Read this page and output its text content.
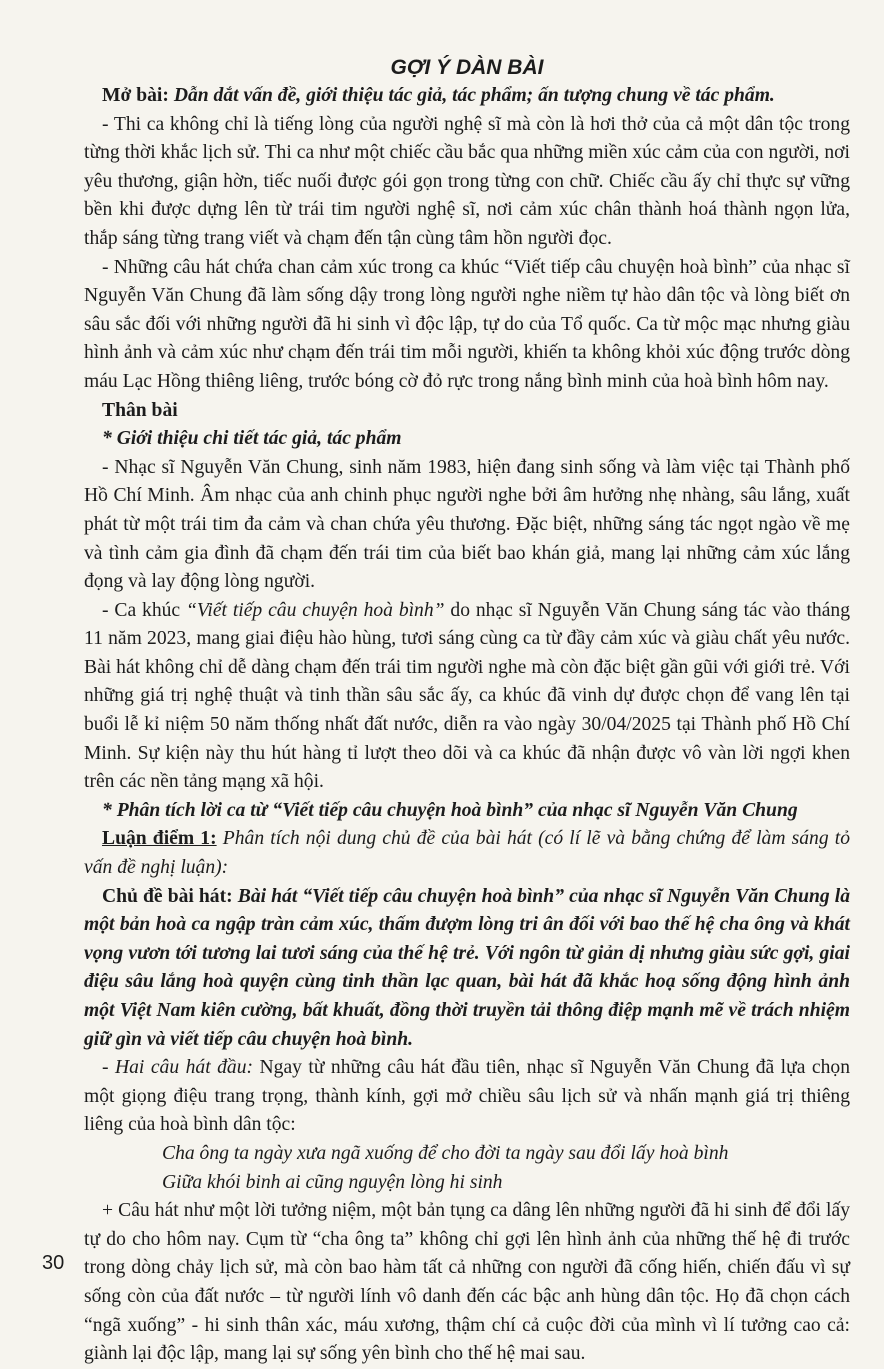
GỢI Ý DÀN BÀI

Mở bài: Dẫn dắt vấn đề, giới thiệu tác giả, tác phẩm; ấn tượng chung về tác phẩm.

- Thi ca không chỉ là tiếng lòng của người nghệ sĩ mà còn là hơi thở của cả một dân tộc trong từng thời khắc lịch sử. Thi ca như một chiếc cầu bắc qua những miền xúc cảm của con người, nơi yêu thương, giận hờn, tiếc nuối được gói gọn trong từng con chữ. Chiếc cầu ấy chỉ thực sự vững bền khi được dựng lên từ trái tim người nghệ sĩ, nơi cảm xúc chân thành hoá thành ngọn lửa, thắp sáng từng trang viết và chạm đến tận cùng tâm hồn người đọc.

- Những câu hát chứa chan cảm xúc trong ca khúc “Viết tiếp câu chuyện hoà bình” của nhạc sĩ Nguyễn Văn Chung đã làm sống dậy trong lòng người nghe niềm tự hào dân tộc và lòng biết ơn sâu sắc đối với những người đã hi sinh vì độc lập, tự do của Tổ quốc. Ca từ mộc mạc nhưng giàu hình ảnh và cảm xúc như chạm đến trái tim mỗi người, khiến ta không khỏi xúc động trước dòng máu Lạc Hồng thiêng liêng, trước bóng cờ đỏ rực trong nắng bình minh của hoà bình hôm nay.

Thân bài

* Giới thiệu chi tiết tác giả, tác phẩm

- Nhạc sĩ Nguyễn Văn Chung, sinh năm 1983, hiện đang sinh sống và làm việc tại Thành phố Hồ Chí Minh. Âm nhạc của anh chinh phục người nghe bởi âm hưởng nhẹ nhàng, sâu lắng, xuất phát từ một trái tim đa cảm và chan chứa yêu thương. Đặc biệt, những sáng tác ngọt ngào về mẹ và tình cảm gia đình đã chạm đến trái tim của biết bao khán giả, mang lại những cảm xúc lắng đọng và lay động lòng người.

- Ca khúc “Viết tiếp câu chuyện hoà bình” do nhạc sĩ Nguyễn Văn Chung sáng tác vào tháng 11 năm 2023, mang giai điệu hào hùng, tươi sáng cùng ca từ đầy cảm xúc và giàu chất yêu nước. Bài hát không chỉ dễ dàng chạm đến trái tim người nghe mà còn đặc biệt gần gũi với giới trẻ. Với những giá trị nghệ thuật và tinh thần sâu sắc ấy, ca khúc đã vinh dự được chọn để vang lên tại buổi lễ kỉ niệm 50 năm thống nhất đất nước, diễn ra vào ngày 30/04/2025 tại Thành phố Hồ Chí Minh. Sự kiện này thu hút hàng tỉ lượt theo dõi và ca khúc đã nhận được vô vàn lời ngợi khen trên các nền tảng mạng xã hội.

* Phân tích lời ca từ “Viết tiếp câu chuyện hoà bình” của nhạc sĩ Nguyễn Văn Chung

Luận điểm 1: Phân tích nội dung chủ đề của bài hát (có lí lẽ và bằng chứng để làm sáng tỏ vấn đề nghị luận):

Chủ đề bài hát: Bài hát “Viết tiếp câu chuyện hoà bình” của nhạc sĩ Nguyễn Văn Chung là một bản hoà ca ngập tràn cảm xúc, thấm đượm lòng tri ân đối với bao thế hệ cha ông và khát vọng vươn tới tương lai tươi sáng của thế hệ trẻ. Với ngôn từ giản dị nhưng giàu sức gợi, giai điệu sâu lắng hoà quyện cùng tinh thần lạc quan, bài hát đã khắc hoạ sống động hình ảnh một Việt Nam kiên cường, bất khuất, đồng thời truyền tải thông điệp mạnh mẽ về trách nhiệm giữ gìn và viết tiếp câu chuyện hoà bình.

- Hai câu hát đầu: Ngay từ những câu hát đầu tiên, nhạc sĩ Nguyễn Văn Chung đã lựa chọn một giọng điệu trang trọng, thành kính, gợi mở chiều sâu lịch sử và nhấn mạnh giá trị thiêng liêng của hoà bình dân tộc:

Cha ông ta ngày xưa ngã xuống để cho đời ta ngày sau đổi lấy hoà bình

Giữa khói binh ai cũng nguyện lòng hi sinh

+ Câu hát như một lời tưởng niệm, một bản tụng ca dâng lên những người đã hi sinh để đổi lấy tự do cho hôm nay. Cụm từ “cha ông ta” không chỉ gợi lên hình ảnh của những thế hệ đi trước trong dòng chảy lịch sử, mà còn bao hàm tất cả những con người đã cống hiến, chiến đấu vì sự sống còn của đất nước – từ người lính vô danh đến các bậc anh hùng dân tộc. Họ đã chọn cách “ngã xuống” - hi sinh thân xác, máu xương, thậm chí cả cuộc đời của mình vì lí tưởng cao cả: giành lại độc lập, mang lại sự sống yên bình cho thế hệ mai sau.

30
